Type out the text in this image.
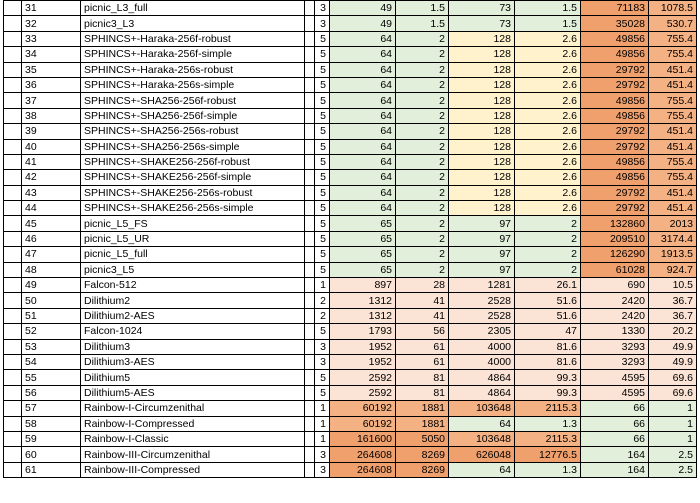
	31	picnic_L3_full		3	49	1.5	73	1.5	71183	1078.5
	32	picnic3_L3		3	49	1.5	73	1.5	35028	530.7
	33	SPHINCS+-Haraka-256f-robust		5	64	2	128	2.6	49856	755.4
	34	SPHINCS+-Haraka-256f-simple		5	64	2	128	2.6	49856	755.4
	35	SPHINCS+-Haraka-256s-robust		5	64	2	128	2.6	29792	451.4
	36	SPHINCS+-Haraka-256s-simple		5	64	2	128	2.6	29792	451.4
	37	SPHINCS+-SHA256-256f-robust		5	64	2	128	2.6	49856	755.4
	38	SPHINCS+-SHA256-256f-simple		5	64	2	128	2.6	49856	755.4
	39	SPHINCS+-SHA256-256s-robust		5	64	2	128	2.6	29792	451.4
	40	SPHINCS+-SHA256-256s-simple		5	64	2	128	2.6	29792	451.4
	41	SPHINCS+-SHAKE256-256f-robust		5	64	2	128	2.6	49856	755.4
	42	SPHINCS+-SHAKE256-256f-simple		5	64	2	128	2.6	49856	755.4
	43	SPHINCS+-SHAKE256-256s-robust		5	64	2	128	2.6	29792	451.4
	44	SPHINCS+-SHAKE256-256s-simple		5	64	2	128	2.6	29792	451.4
	45	picnic_L5_FS		5	65	2	97	2	132860	2013
	46	picnic_L5_UR		5	65	2	97	2	209510	3174.4
	47	picnic_L5_full		5	65	2	97	2	126290	1913.5
	48	picnic3_L5		5	65	2	97	2	61028	924.7
	49	Falcon-512		1	897	28	1281	26.1	690	10.5
	50	Dilithium2		2	1312	41	2528	51.6	2420	36.7
	51	Dilithium2-AES		2	1312	41	2528	51.6	2420	36.7
	52	Falcon-1024		5	1793	56	2305	47	1330	20.2
	53	Dilithium3		3	1952	61	4000	81.6	3293	49.9
	54	Dilithium3-AES		3	1952	61	4000	81.6	3293	49.9
	55	Dilithium5		5	2592	81	4864	99.3	4595	69.6
	56	Dilithium5-AES		5	2592	81	4864	99.3	4595	69.6
	57	Rainbow-I-Circumzenithal		1	60192	1881	103648	2115.3	66	1
	58	Rainbow-I-Compressed		1	60192	1881	64	1.3	66	1
	59	Rainbow-I-Classic		1	161600	5050	103648	2115.3	66	1
	60	Rainbow-III-Circumzenithal		3	264608	8269	626048	12776.5	164	2.5
	61	Rainbow-III-Compressed		3	264608	8269	64	1.3	164	2.5
